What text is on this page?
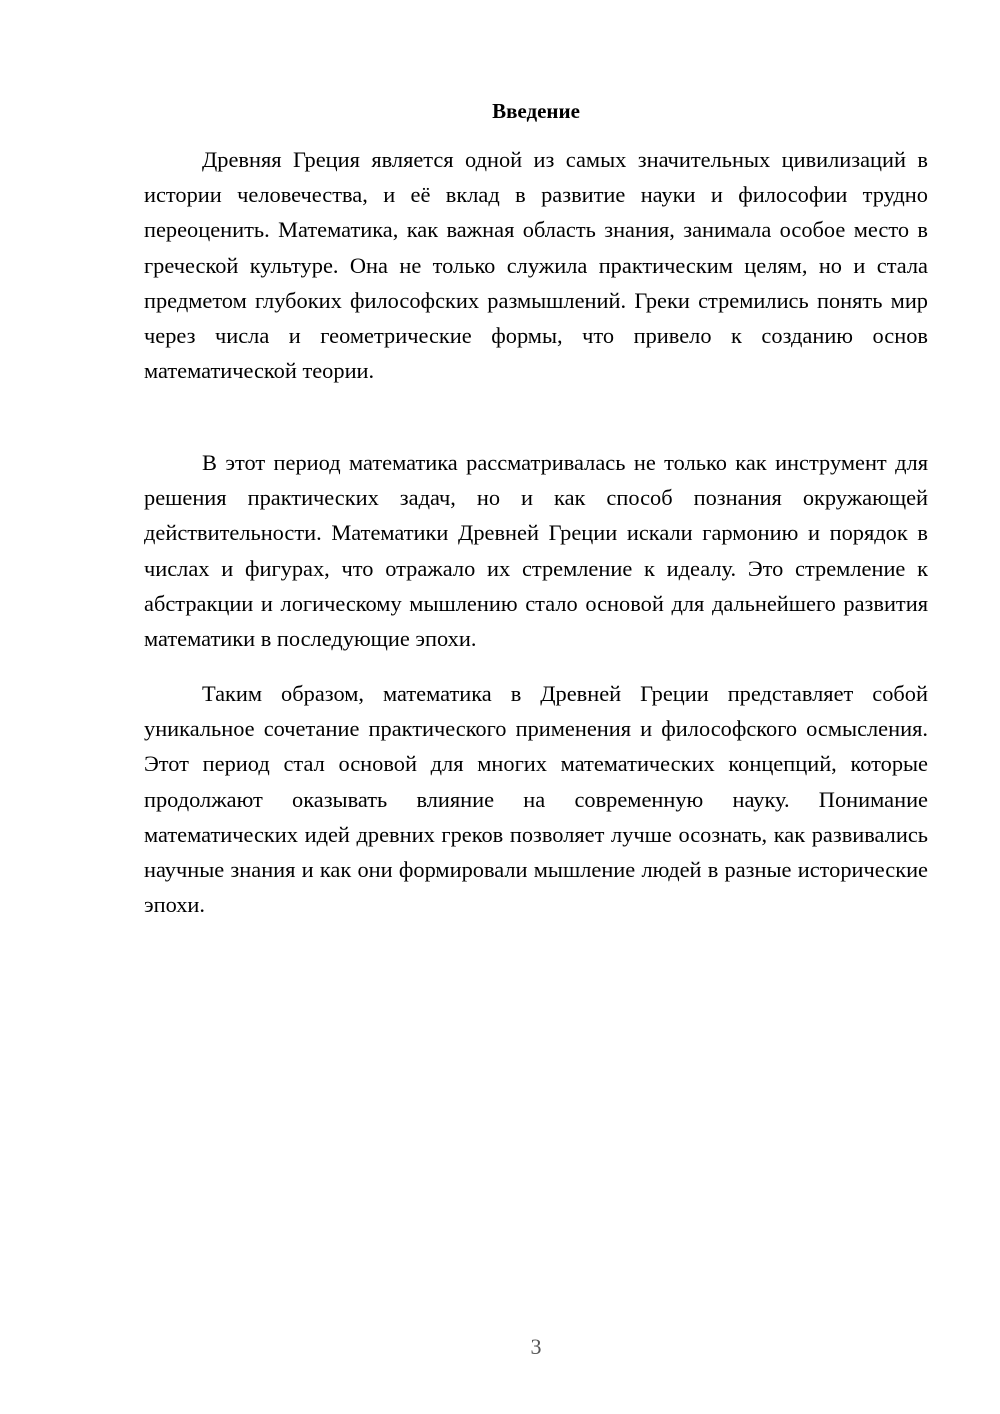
Введение

Древняя Греция является одной из самых значительных цивилизаций в истории человечества, и её вклад в развитие науки и философии трудно переоценить. Математика, как важная область знания, занимала особое место в греческой культуре. Она не только служила практическим целям, но и стала предметом глубоких философских размышлений. Греки стремились понять мир через числа и геометрические формы, что привело к созданию основ математической теории.

В этот период математика рассматривалась не только как инструмент для решения практических задач, но и как способ познания окружающей действительности. Математики Древней Греции искали гармонию и порядок в числах и фигурах, что отражало их стремление к идеалу. Это стремление к абстракции и логическому мышлению стало основой для дальнейшего развития математики в последующие эпохи.

Таким образом, математика в Древней Греции представляет собой уникальное сочетание практического применения и философского осмысления. Этот период стал основой для многих математических концепций, которые продолжают оказывать влияние на современную науку. Понимание математических идей древних греков позволяет лучше осознать, как развивались научные знания и как они формировали мышление людей в разные исторические эпохи.

3
